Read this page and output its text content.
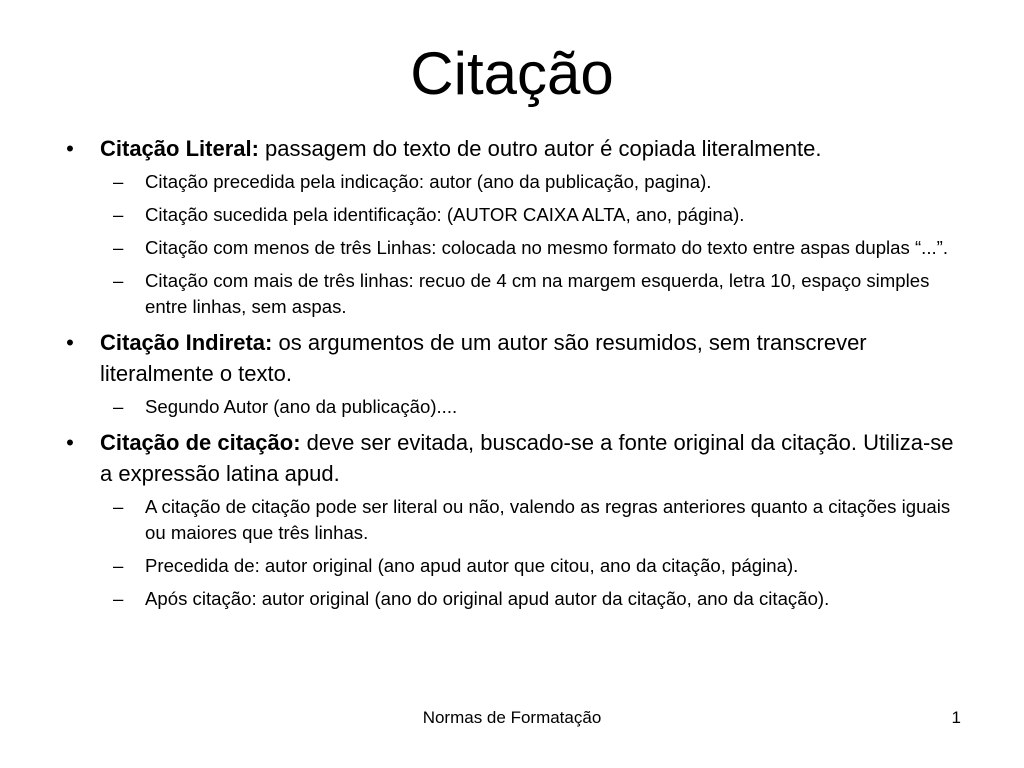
Citação
• Citação Literal: passagem do texto de outro autor é copiada literalmente.
– Citação precedida pela indicação: autor (ano da publicação, pagina).
– Citação sucedida pela identificação: (AUTOR CAIXA ALTA, ano, página).
– Citação com menos de três Linhas: colocada no mesmo formato do texto entre aspas duplas “...”.
– Citação com mais de três linhas: recuo de 4 cm na margem esquerda, letra 10, espaço simples entre linhas, sem aspas.
• Citação Indireta: os argumentos de um autor são resumidos, sem transcrever literalmente o texto.
– Segundo Autor (ano da publicação)....
• Citação de citação: deve ser evitada, buscado-se a fonte original da citação. Utiliza-se a expressão latina apud.
– A citação de citação pode ser literal ou não, valendo as regras anteriores quanto a citações iguais ou maiores que três linhas.
– Precedida de: autor original (ano apud autor que citou, ano da citação, página).
– Após citação: autor original (ano do original apud autor da citação, ano da citação).
Normas de Formatação	1
